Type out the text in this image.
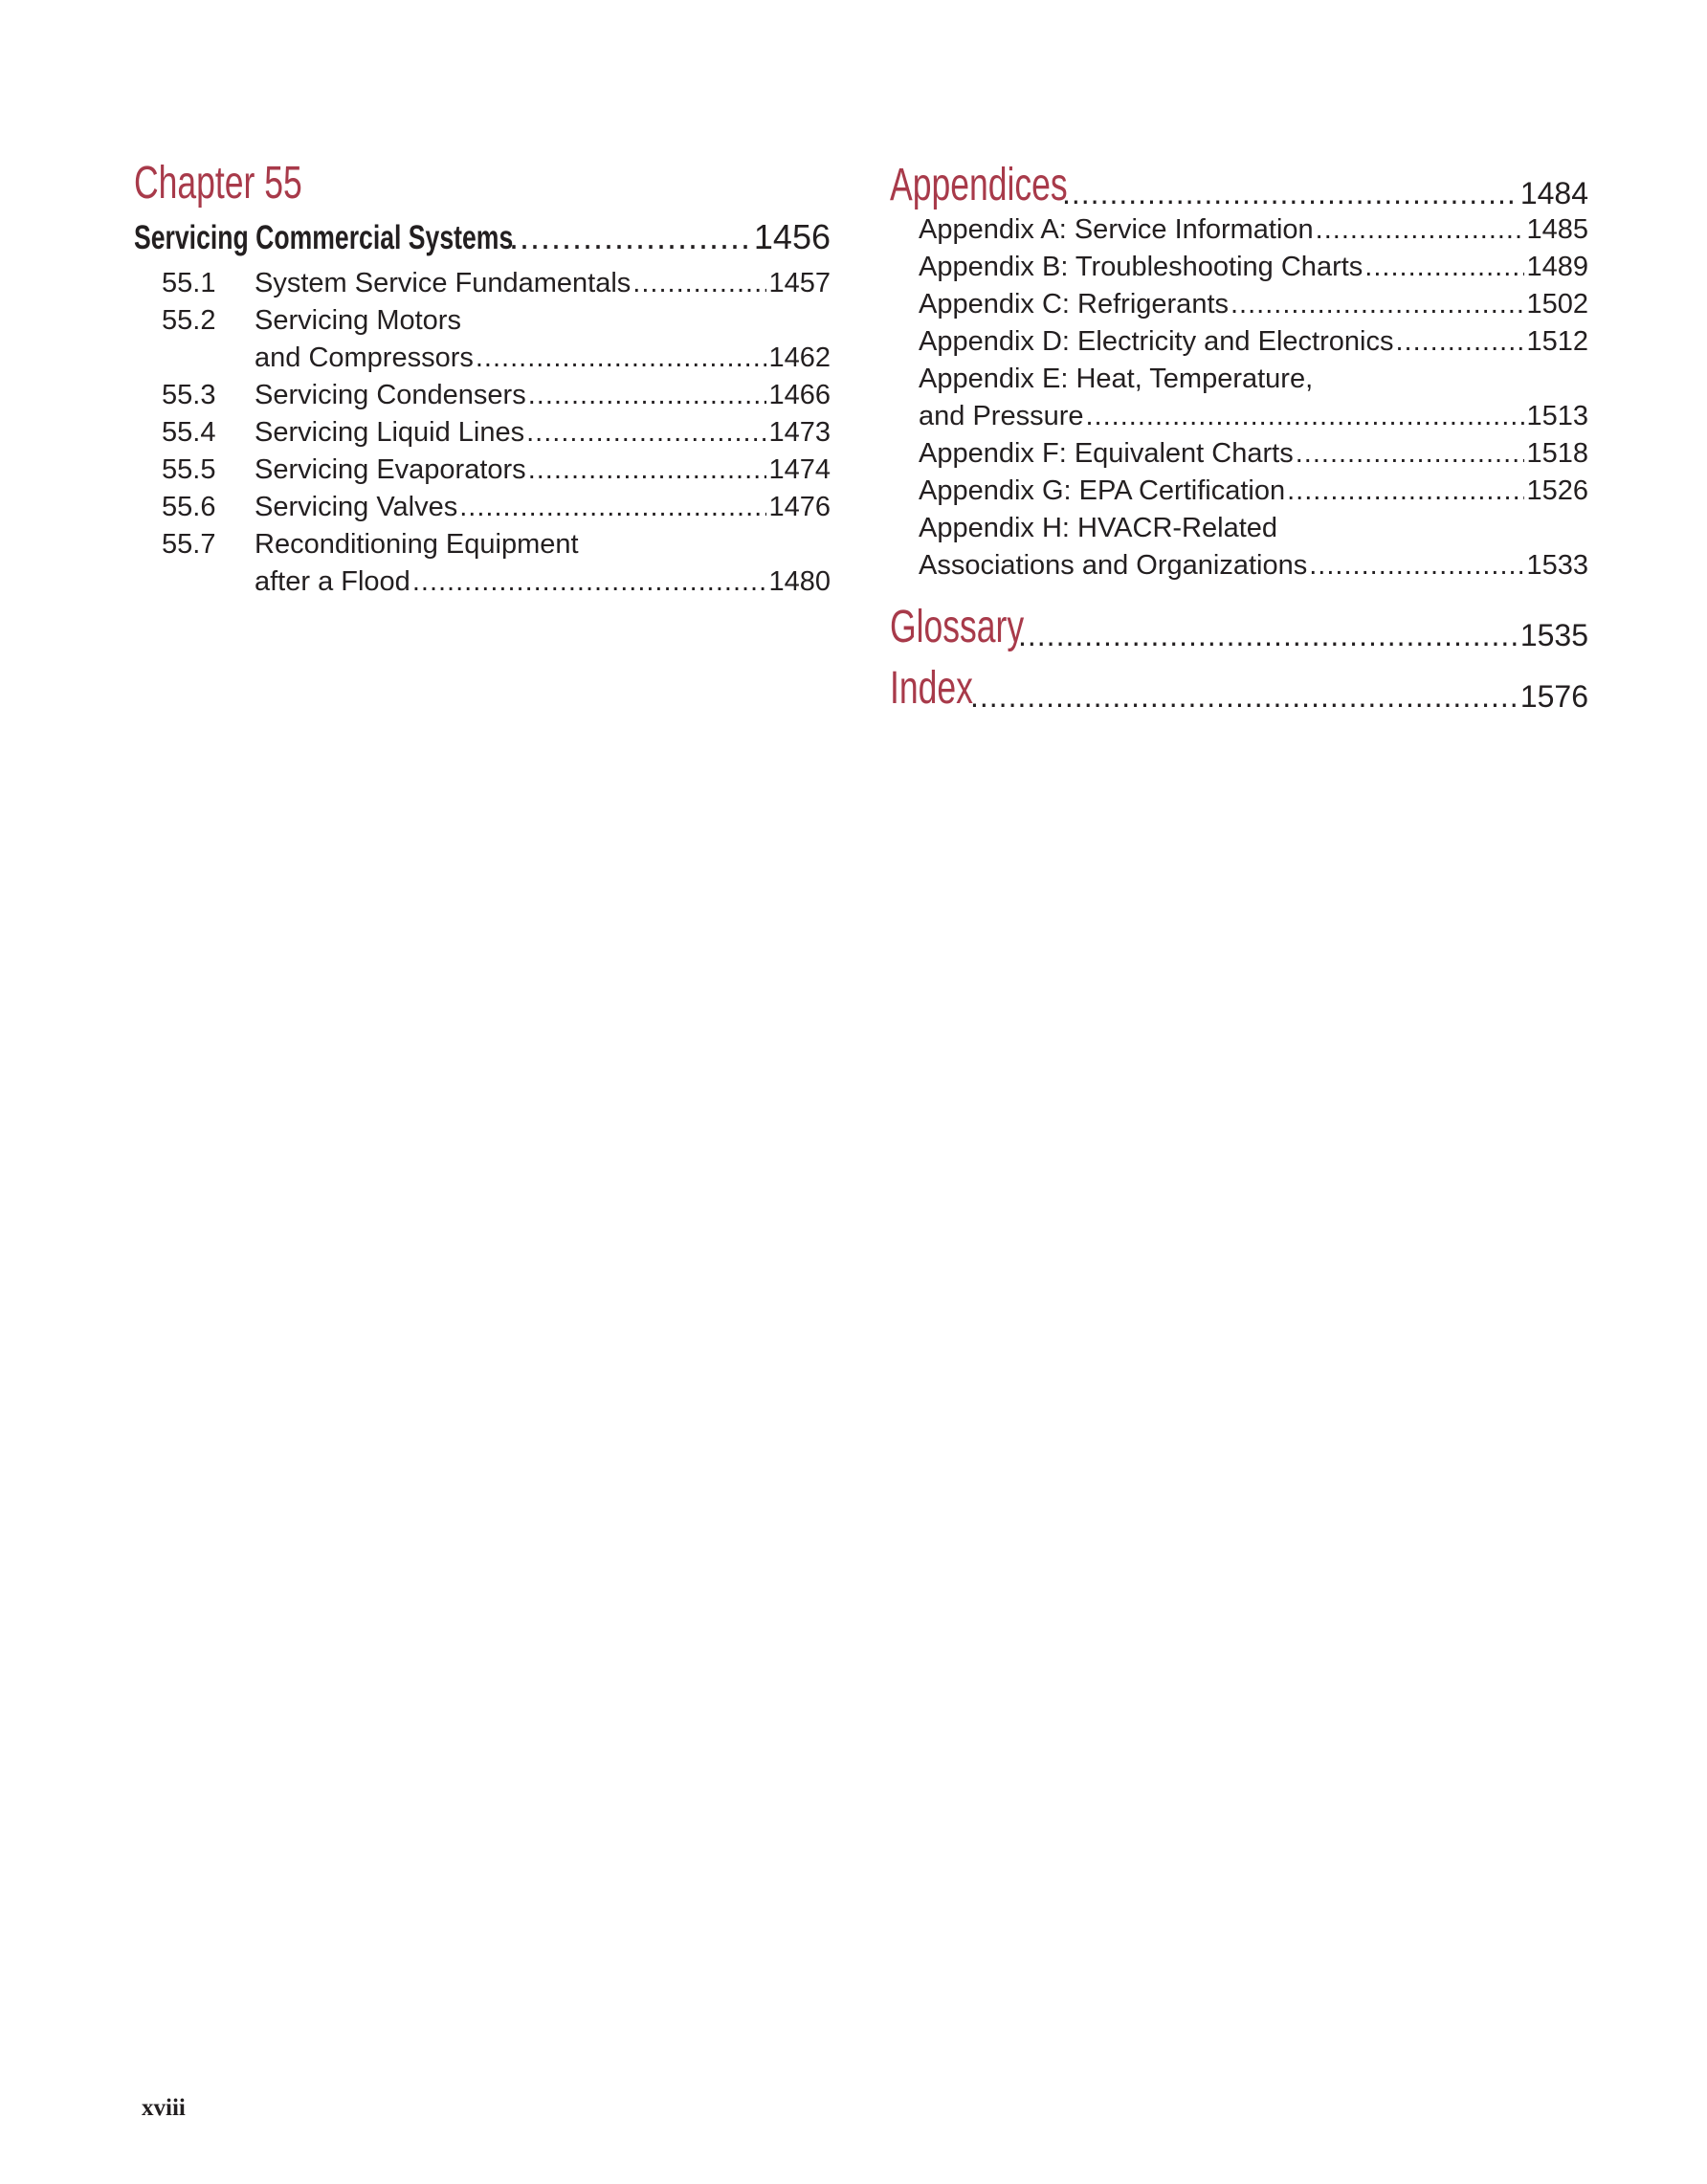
Chapter 55
Servicing Commercial Systems .....	1456
55.1 System Service Fundamentals .....	1457
55.2 Servicing Motors
and Compressors .....	1462
55.3 Servicing Condensers .....	1466
55.4 Servicing Liquid Lines .....	1473
55.5 Servicing Evaporators .....	1474
55.6 Servicing Valves .....	1476
55.7 Reconditioning Equipment
after a Flood .....	1480
Appendices .....	1484
Appendix A: Service Information .....	1485
Appendix B: Troubleshooting Charts .....	1489
Appendix C: Refrigerants .....	1502
Appendix D: Electricity and Electronics .....	1512
Appendix E: Heat, Temperature,
and Pressure .....	1513
Appendix F: Equivalent Charts .....	1518
Appendix G: EPA Certification .....	1526
Appendix H: HVACR-Related
Associations and Organizations .....	1533
Glossary .....	1535
Index .....	1576
xviii
